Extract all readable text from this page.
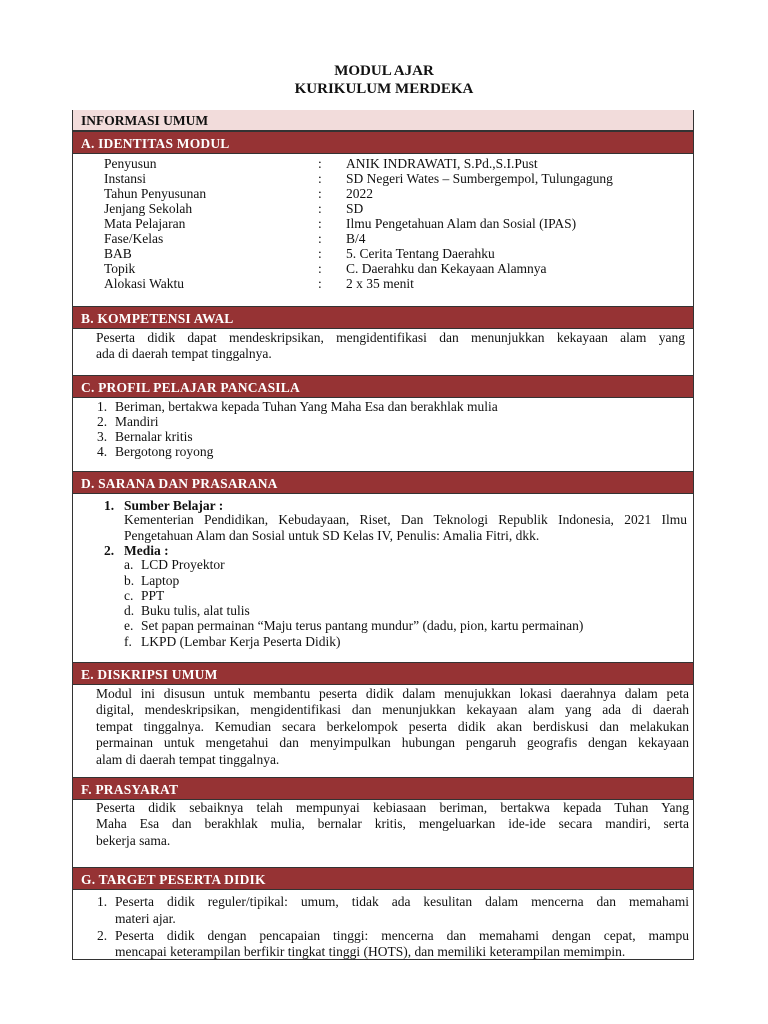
MODUL AJAR
KURIKULUM MERDEKA
INFORMASI UMUM
A. IDENTITAS MODUL
Penyusun	: ANIK INDRAWATI, S.Pd.,S.I.Pust
Instansi	: SD Negeri Wates – Sumbergempol, Tulungagung
Tahun Penyusunan	: 2022
Jenjang Sekolah	: SD
Mata Pelajaran	: Ilmu Pengetahuan Alam dan Sosial (IPAS)
Fase/Kelas	: B/4
BAB	: 5. Cerita Tentang Daerahku
Topik	: C. Daerahku dan Kekayaan Alamnya
Alokasi Waktu	: 2 x 35 menit
B. KOMPETENSI AWAL
Peserta didik dapat mendeskripsikan, mengidentifikasi dan menunjukkan kekayaan alam yang
ada di daerah tempat tinggalnya.
C. PROFIL PELAJAR PANCASILA
1. Beriman, bertakwa kepada Tuhan Yang Maha Esa dan berakhlak mulia
2. Mandiri
3. Bernalar kritis
4. Bergotong royong
D. SARANA DAN PRASARANA
1. Sumber Belajar :
Kementerian Pendidikan, Kebudayaan, Riset, Dan Teknologi Republik Indonesia, 2021 Ilmu
Pengetahuan Alam dan Sosial untuk SD Kelas IV, Penulis: Amalia Fitri, dkk.
2. Media :
a. LCD Proyektor
b. Laptop
c. PPT
d. Buku tulis, alat tulis
e. Set papan permainan “Maju terus pantang mundur” (dadu, pion, kartu permainan)
f. LKPD (Lembar Kerja Peserta Didik)
E. DISKRIPSI UMUM
Modul ini disusun untuk membantu peserta didik dalam menujukkan lokasi daerahnya dalam peta
digital, mendeskripsikan, mengidentifikasi dan menunjukkan kekayaan alam yang ada di daerah
tempat tinggalnya. Kemudian secara berkelompok peserta didik akan berdiskusi dan melakukan
permainan untuk mengetahui dan menyimpulkan hubungan pengaruh geografis dengan kekayaan
alam di daerah tempat tinggalnya.
F. PRASYARAT
Peserta didik sebaiknya telah mempunyai kebiasaan beriman, bertakwa kepada Tuhan Yang
Maha Esa dan berakhlak mulia, bernalar kritis, mengeluarkan ide-ide secara mandiri, serta
bekerja sama.
G. TARGET PESERTA DIDIK
1. Peserta didik reguler/tipikal: umum, tidak ada kesulitan dalam mencerna dan memahami
materi ajar.
2. Peserta didik dengan pencapaian tinggi: mencerna dan memahami dengan cepat, mampu
mencapai keterampilan berfikir tingkat tinggi (HOTS), dan memiliki keterampilan memimpin.
